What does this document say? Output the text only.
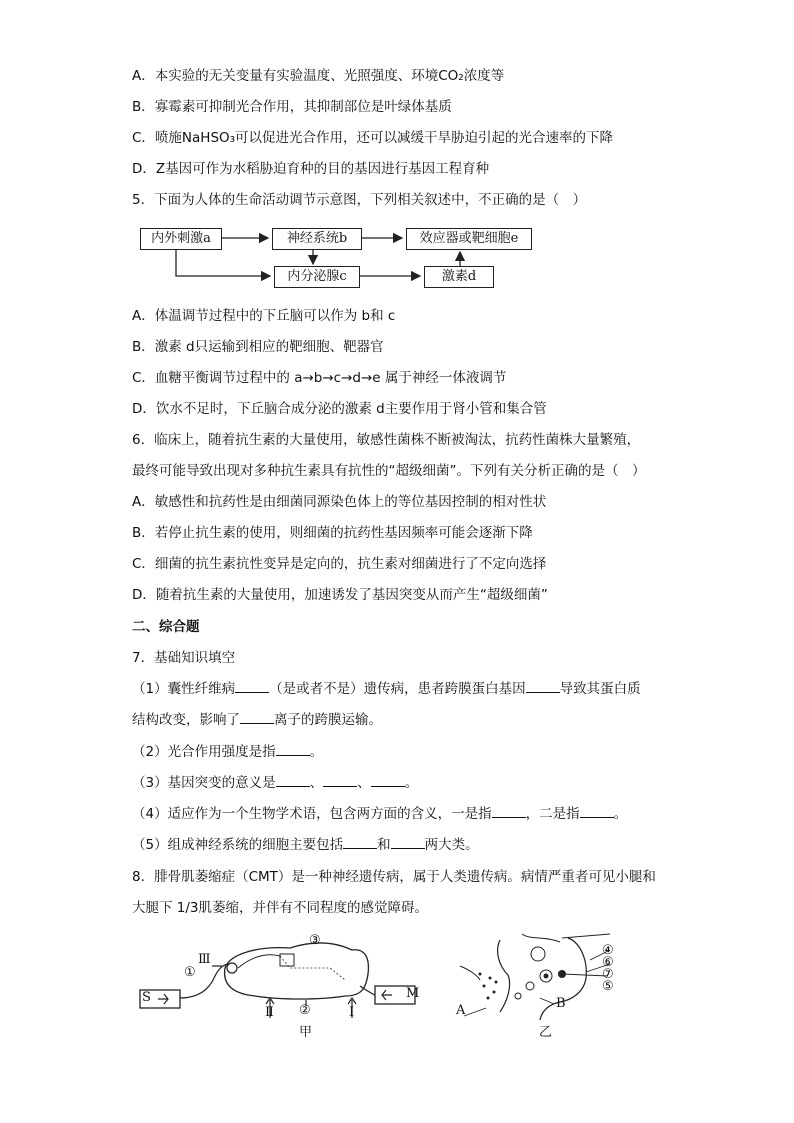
A．本实验的无关变量有实验温度、光照强度、环境CO₂浓度等
B．寡霉素可抑制光合作用，其抑制部位是叶绿体基质
C．喷施NaHSO₃可以促进光合作用，还可以减缓干旱胁迫引起的光合速率的下降
D．Z基因可作为水稻胁迫育种的目的基因进行基因工程育种
5．下面为人体的生命活动调节示意图，下列相关叙述中，不正确的是（　）
内外刺激a	神经系统b	效应器或靶细胞e
内分泌腺c	激素d
A．体温调节过程中的下丘脑可以作为 b和 c
B．激素 d只运输到相应的靶细胞、靶器官
C．血糖平衡调节过程中的 a→b→c→d→e 属于神经一体液调节
D．饮水不足时，下丘脑合成分泌的激素 d主要作用于肾小管和集合管
6．临床上，随着抗生素的大量使用，敏感性菌株不断被淘汰，抗药性菌株大量繁殖，
最终可能导致出现对多种抗生素具有抗性的“超级细菌”。下列有关分析正确的是（　）
A．敏感性和抗药性是由细菌同源染色体上的等位基因控制的相对性状
B．若停止抗生素的使用，则细菌的抗药性基因频率可能会逐渐下降
C．细菌的抗生素抗性变异是定向的，抗生素对细菌进行了不定向选择
D．随着抗生素的大量使用，加速诱发了基因突变从而产生“超级细菌”
二、综合题
7．基础知识填空
（1）囊性纤维病	（是或者不是）遗传病，患者跨膜蛋白基因	导致其蛋白质
结构改变，影响了	离子的跨膜运输。
（2）光合作用强度是指	。
（3）基因突变的意义是	、	、	。
（4）适应作为一个生物学术语，包含两方面的含义，一是指	，二是指	。
（5）组成神经系统的细胞主要包括	和	两大类。
8．腓骨肌萎缩症（CMT）是一种神经遗传病，属于人类遗传病。病情严重者可见小腿和
大腿下 1/3肌萎缩，并伴有不同程度的感觉障碍。
S	M
Ⅲ
①
③
②
Ⅱ	Ⅰ
甲
④
⑥
⑦
⑤
A	B
乙
